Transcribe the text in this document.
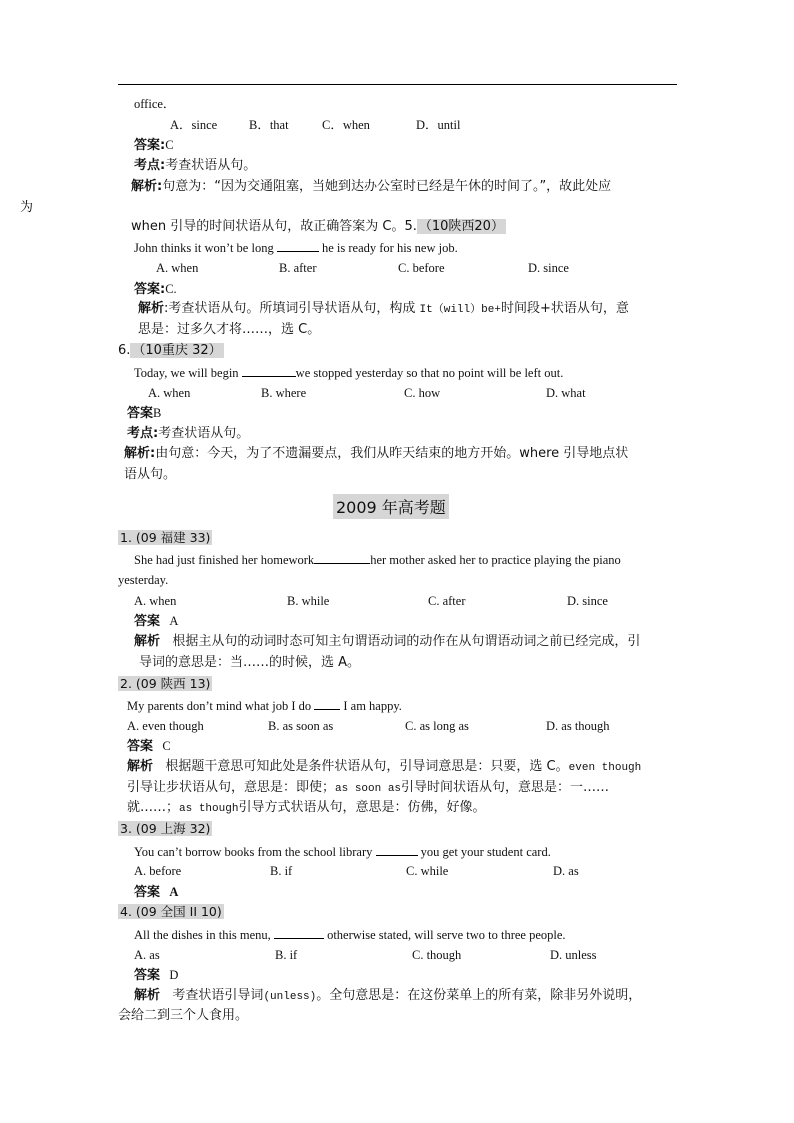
office．
A．since	B．that	C．when	D．until
答案:C
考点:考查状语从句。
解析:句意为：“因为交通阻塞，当她到达办公室时已经是午休的时间了。”，故此处应
为
when 引导的时间状语从句，故正确答案为 C。5. （10陕西20）
John thinks it won’t be long	he is ready for his new job.
A. when	B. after	C. before	D. since
答案:C.
解析:考查状语从句。所填词引导状语从句，构成 It（will）be+时间段+状语从句，意
思是：过多久才将……，选 C。
6. （10重庆 32）
Today, we will begin	we stopped yesterday so that no point will be left out.
A. when	B. where	C. how	D. what
答案B
考点:考查状语从句。
解析:由句意：今天，为了不遗漏要点，我们从昨天结束的地方开始。where 引导地点状
语从句。
2009 年高考题
1. (09 福建 33)
She had just finished her homework	her mother asked her to practice playing the piano
yesterday.
A. when	B. while	C. after	D. since
答案 A
解析 根据主从句的动词时态可知主句谓语动词的动作在从句谓语动词之前已经完成，引
导词的意思是：当……的时候，选 A。
2. (09 陕西 13)
My parents don’t mind what job I do	I am happy.
A. even though	B. as soon as	C. as long as	D. as though
答案 C
解析 根据题干意思可知此处是条件状语从句，引导词意思是：只要，选 C。even though
引导让步状语从句，意思是：即使；as soon as引导时间状语从句，意思是：一……
就……；as though引导方式状语从句，意思是：仿佛，好像。
3. (09 上海 32)
You can’t borrow books from the school library	you get your student card.
A. before	B. if	C. while	D. as
答案 A
4. (09 全国 II 10)
All the dishes in this menu,	otherwise stated, will serve two to three people.
A. as	B. if	C. though	D. unless
答案 D
解析 考查状语引导词(unless)。全句意思是：在这份菜单上的所有菜，除非另外说明，
会给二到三个人食用。
